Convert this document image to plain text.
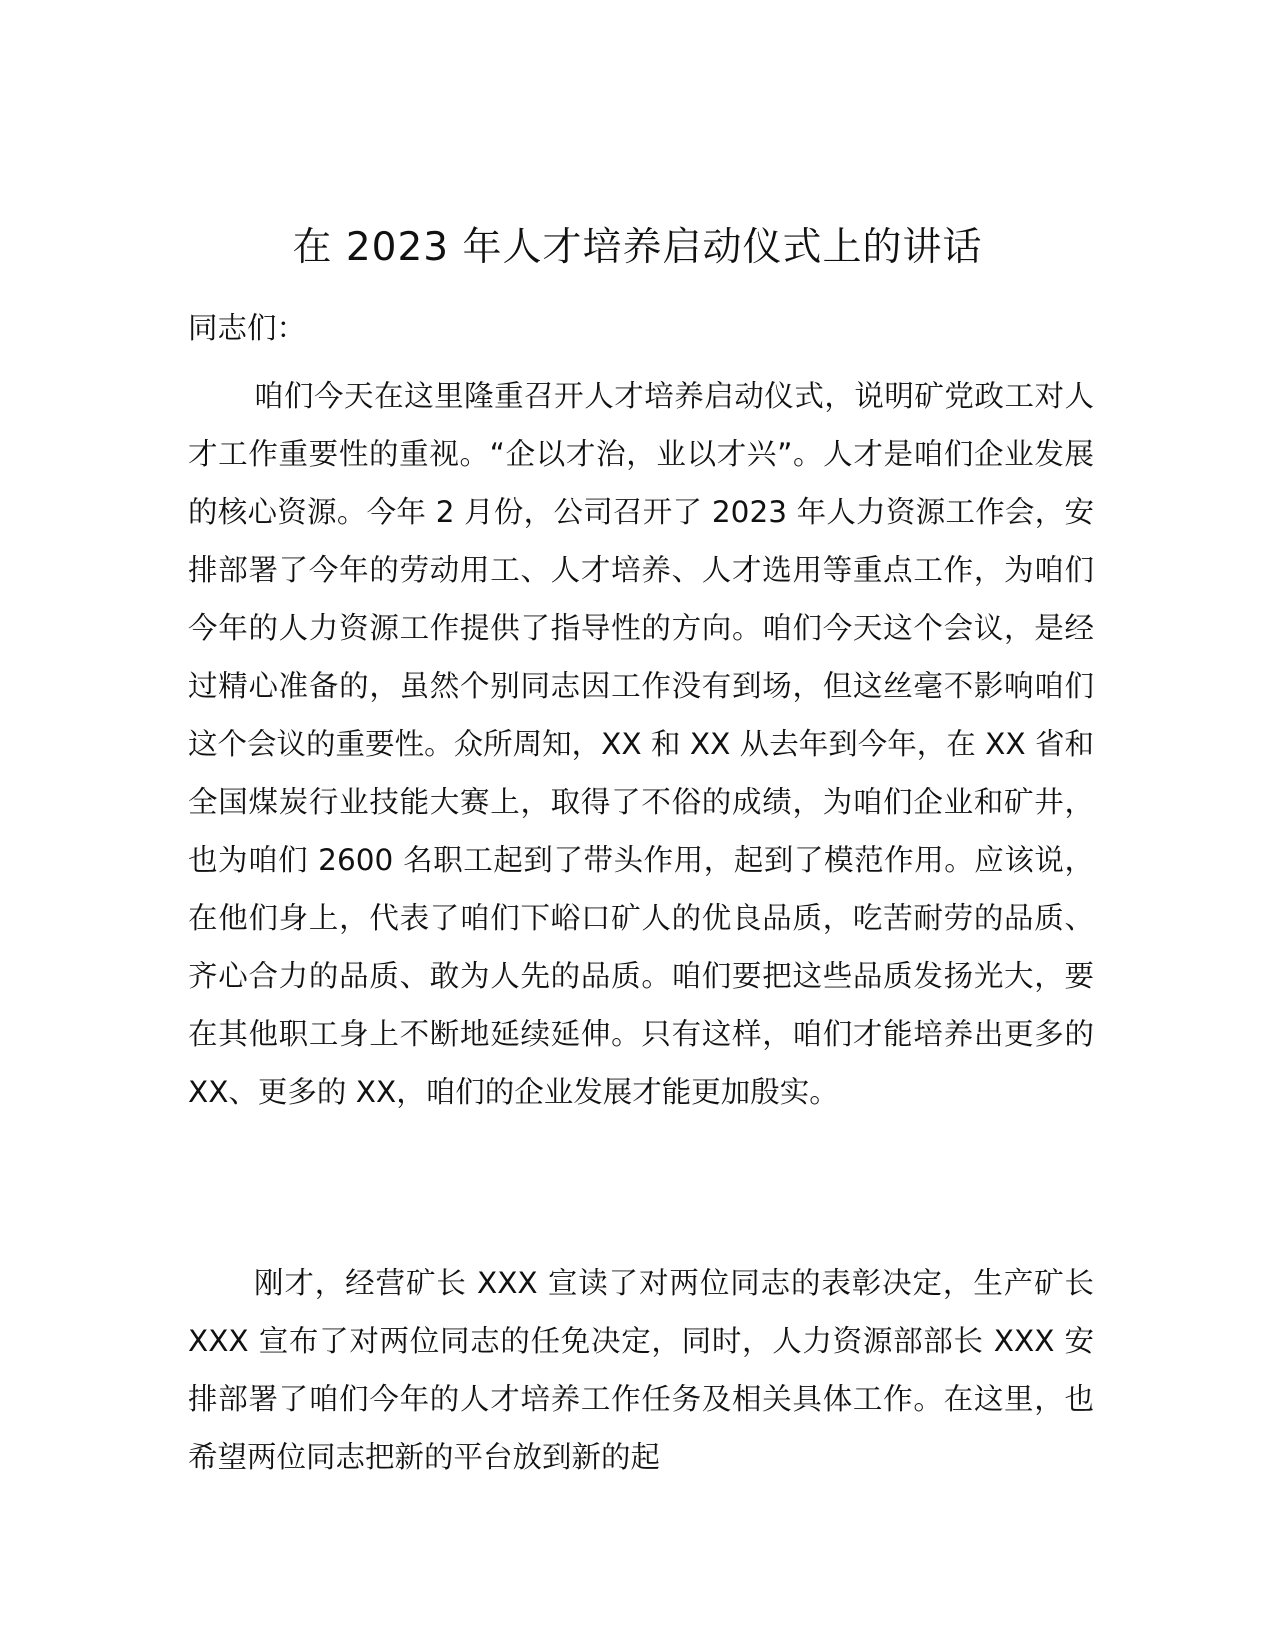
在 2023 年人才培养启动仪式上的讲话

同志们：

咱们今天在这里隆重召开人才培养启动仪式，说明矿党政工对人才工作重要性的重视。“企以才治，业以才兴”。人才是咱们企业发展的核心资源。今年 2 月份，公司召开了 2023 年人力资源工作会，安排部署了今年的劳动用工、人才培养、人才选用等重点工作，为咱们今年的人力资源工作提供了指导性的方向。咱们今天这个会议，是经过精心准备的，虽然个别同志因工作没有到场，但这丝毫不影响咱们这个会议的重要性。众所周知，XX 和 XX 从去年到今年，在 XX 省和全国煤炭行业技能大赛上，取得了不俗的成绩，为咱们企业和矿井，也为咱们 2600 名职工起到了带头作用，起到了模范作用。应该说，在他们身上，代表了咱们下峪口矿人的优良品质，吃苦耐劳的品质、齐心合力的品质、敢为人先的品质。咱们要把这些品质发扬光大，要在其他职工身上不断地延续延伸。只有这样，咱们才能培养出更多的 XX、更多的 XX，咱们的企业发展才能更加殷实。

刚才，经营矿长 XXX 宣读了对两位同志的表彰决定，生产矿长 XXX 宣布了对两位同志的任免决定，同时，人力资源部部长 XXX 安排部署了咱们今年的人才培养工作任务及相关具体工作。在这里，也希望两位同志把新的平台放到新的起
